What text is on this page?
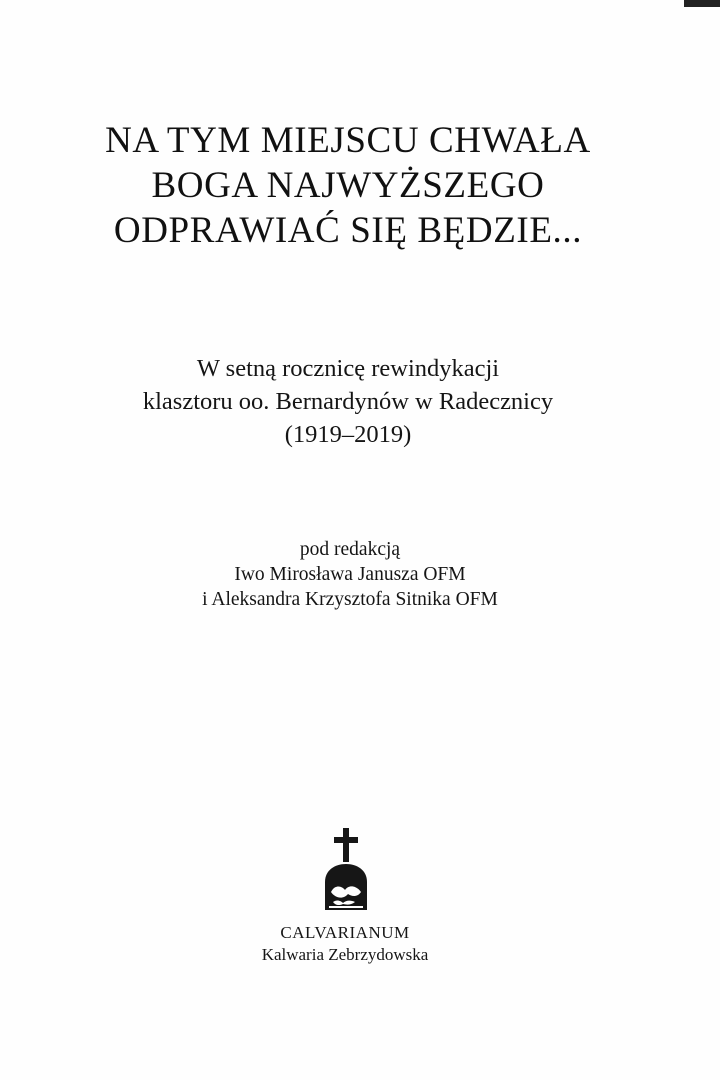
NA TYM MIEJSCU CHWAŁA
BOGA NAJWYŻSZEGO
ODPRAWIAĆ SIĘ BĘDZIE...
W setną rocznicę rewindykacji
klasztoru oo. Bernardynów w Radecznicy
(1919–2019)
pod redakcją
Iwo Mirosława Janusza OFM
i Aleksandra Krzysztofa Sitnika OFM
CALVARIANUM
Kalwaria Zebrzydowska
